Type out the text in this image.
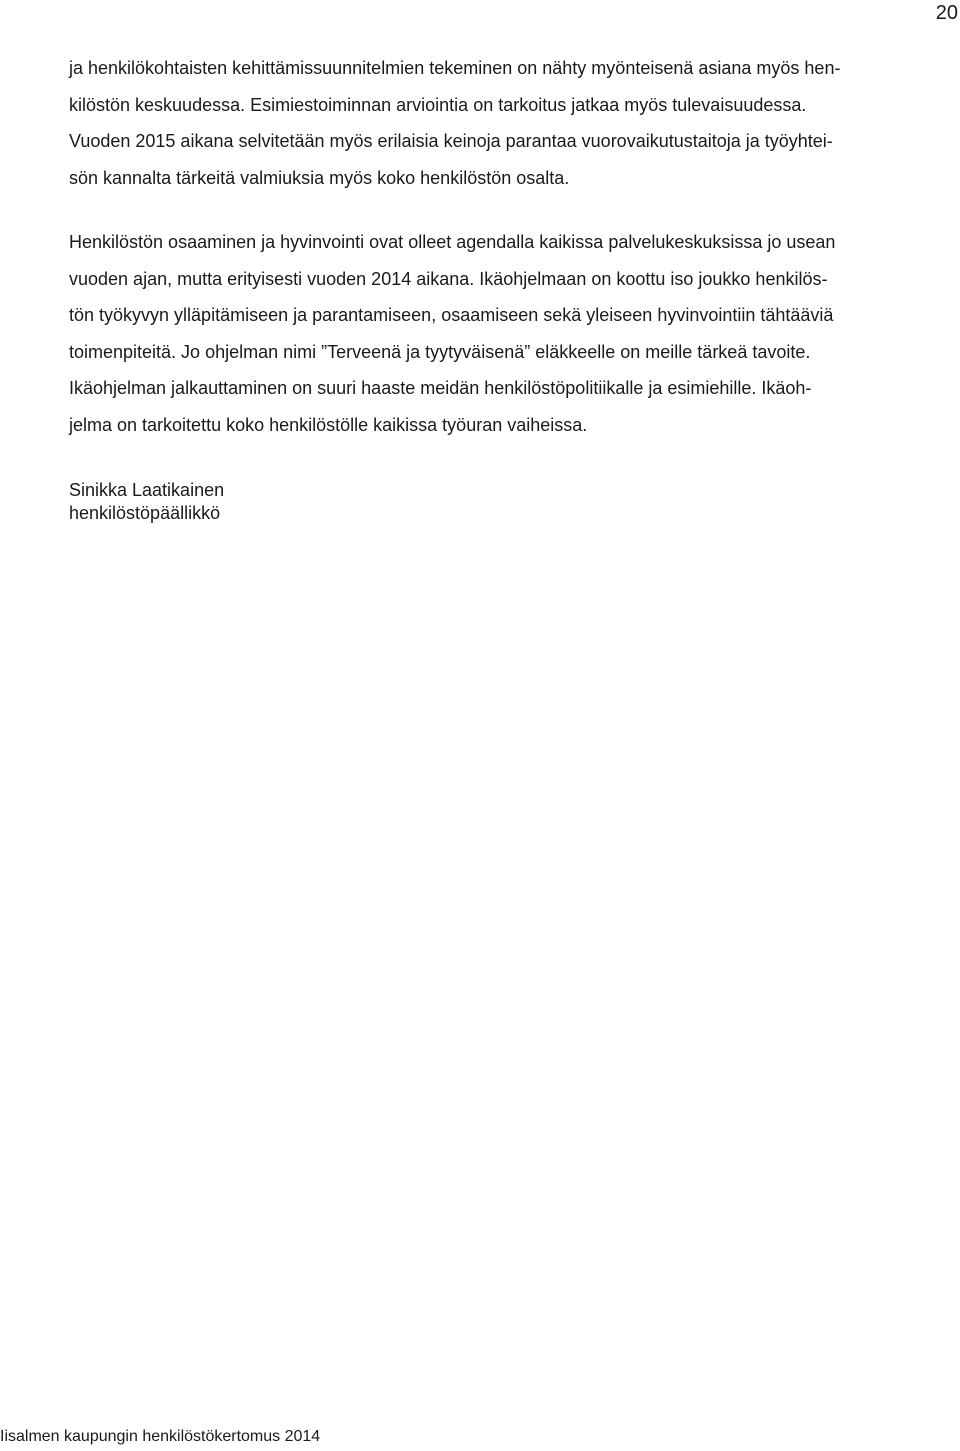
20
ja henkilökohtaisten kehittämissuunnitelmien tekeminen on nähty myönteisenä asiana myös hen-
kilöstön keskuudessa. Esimiestoiminnan arviointia on tarkoitus jatkaa myös tulevaisuudessa.
Vuoden 2015 aikana selvitetään myös erilaisia keinoja parantaa vuorovaikutustaitoja ja työyhtei-
sön kannalta tärkeitä valmiuksia myös koko henkilöstön osalta.
Henkilöstön osaaminen ja hyvinvointi ovat olleet agendalla kaikissa palvelukeskuksissa jo usean
vuoden ajan, mutta erityisesti vuoden 2014 aikana. Ikäohjelmaan on koottu iso joukko henkilös-
tön työkyvyn ylläpitämiseen ja parantamiseen, osaamiseen sekä yleiseen hyvinvointiin tähtääviä
toimenpiteitä. Jo ohjelman nimi ”Terveenä ja tyytyväisenä” eläkkeelle on meille tärkeä tavoite.
Ikäohjelman jalkauttaminen on suuri haaste meidän henkilöstöpolitiikalle ja esimiehille. Ikäoh-
jelma on tarkoitettu koko henkilöstölle kaikissa työuran vaiheissa.
Sinikka Laatikainen
henkilöstöpäällikkö
Iisalmen kaupungin henkilöstökertomus 2014
